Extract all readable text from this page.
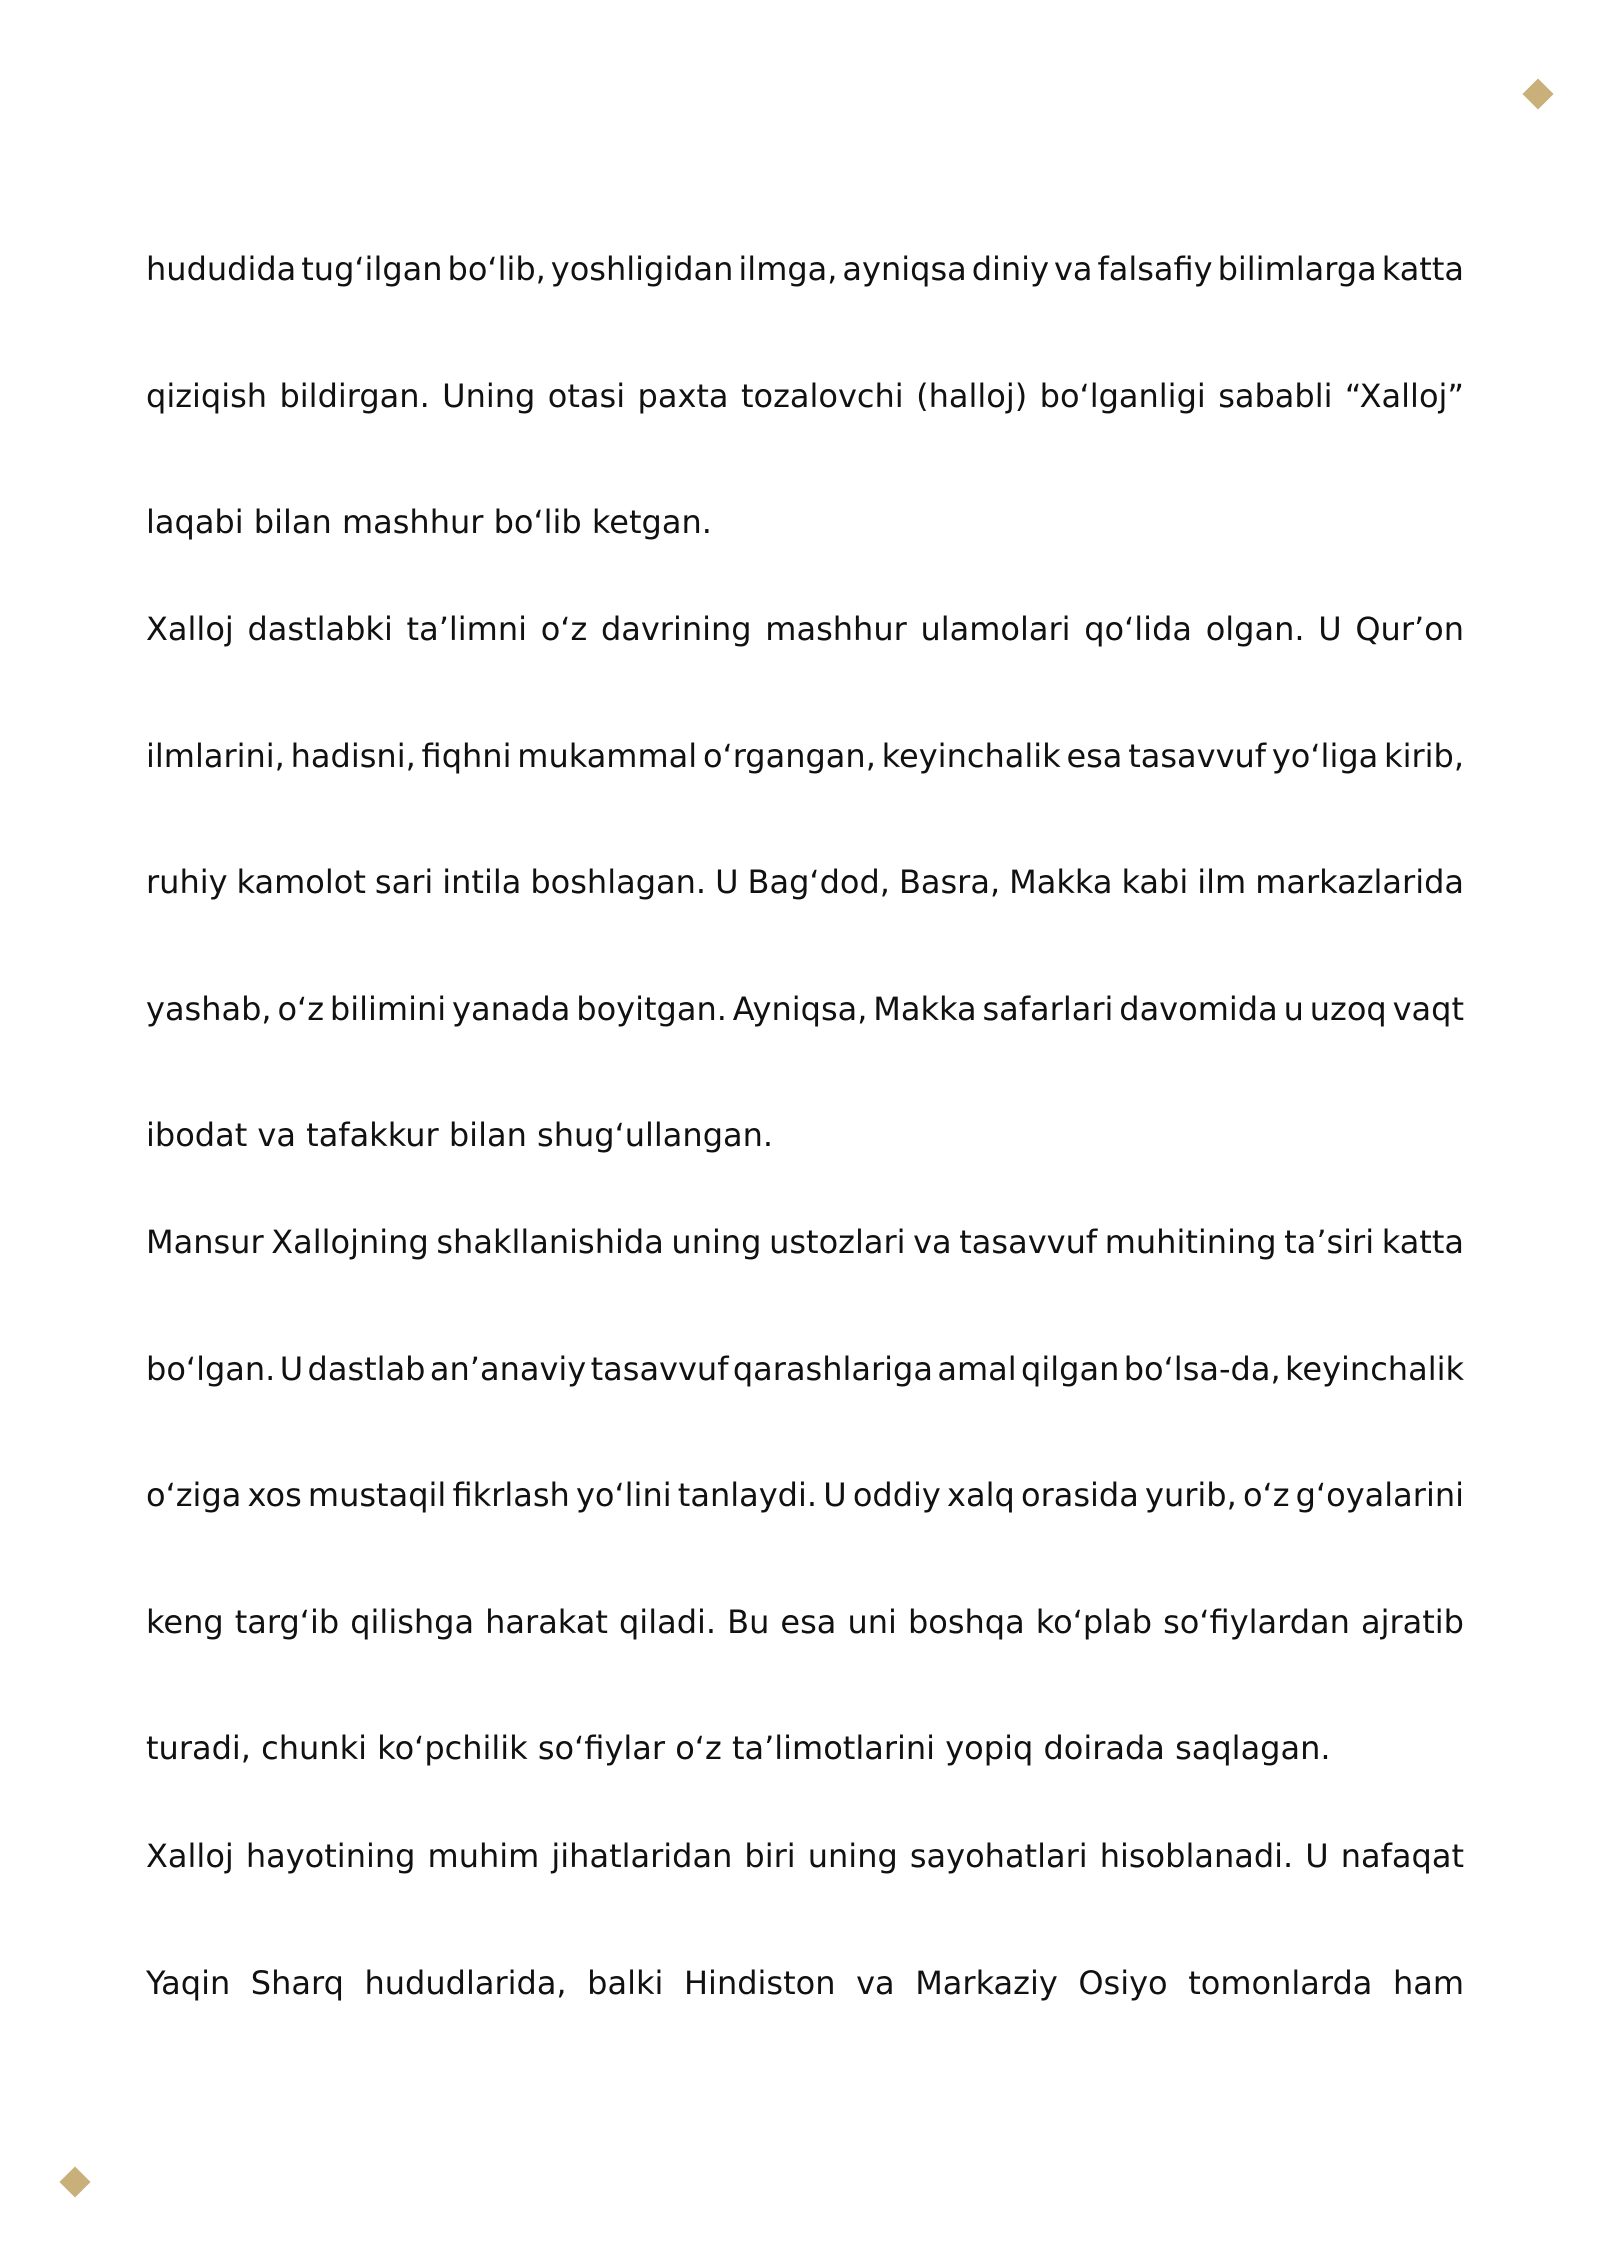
hududida tugʻilgan boʻlib, yoshligidan ilmga, ayniqsa diniy va falsafiy bilimlarga katta
qiziqish bildirgan. Uning otasi paxta tozalovchi (halloj) boʻlganligi sababli “Xalloj”
laqabi bilan mashhur boʻlib ketgan.
Xalloj dastlabki taʼlimni oʻz davrining mashhur ulamolari qoʻlida olgan. U Qurʼon
ilmlarini, hadisni, fiqhni mukammal oʻrgangan, keyinchalik esa tasavvuf yoʻliga kirib,
ruhiy kamolot sari intila boshlagan. U Bagʻdod, Basra, Makka kabi ilm markazlarida
yashab, oʻz bilimini yanada boyitgan. Ayniqsa, Makka safarlari davomida u uzoq vaqt
ibodat va tafakkur bilan shugʻullangan.
Mansur Xallojning shakllanishida uning ustozlari va tasavvuf muhitining taʼsiri katta
boʻlgan. U dastlab anʼanaviy tasavvuf qarashlariga amal qilgan boʻlsa-da, keyinchalik
oʻziga xos mustaqil fikrlash yoʻlini tanlaydi. U oddiy xalq orasida yurib, oʻz gʻoyalarini
keng targʻib qilishga harakat qiladi. Bu esa uni boshqa koʻplab soʻfiylardan ajratib
turadi, chunki koʻpchilik soʻfiylar oʻz taʼlimotlarini yopiq doirada saqlagan.
Xalloj hayotining muhim jihatlaridan biri uning sayohatlari hisoblanadi. U nafaqat
Yaqin Sharq hududlarida, balki Hindiston va Markaziy Osiyo tomonlarda ham
